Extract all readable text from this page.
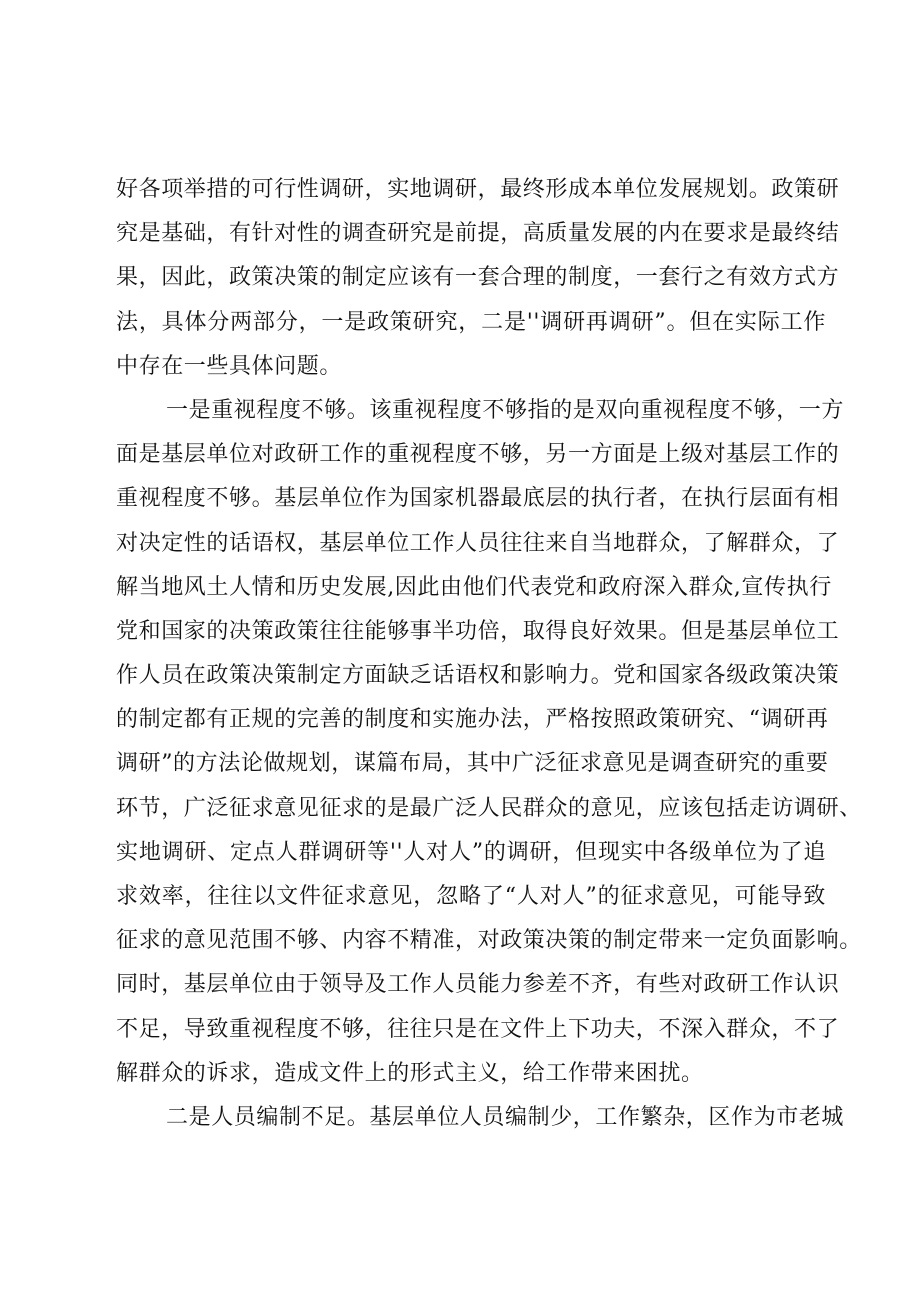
好各项举措的可行性调研，实地调研，最终形成本单位发展规划。政策研
究是基础，有针对性的调查研究是前提，高质量发展的内在要求是最终结
果，因此，政策决策的制定应该有一套合理的制度，一套行之有效方式方
法，具体分两部分，一是政策研究，二是''调研再调研”。但在实际工作
中存在一些具体问题。
一是重视程度不够。该重视程度不够指的是双向重视程度不够，一方
面是基层单位对政研工作的重视程度不够，另一方面是上级对基层工作的
重视程度不够。基层单位作为国家机器最底层的执行者，在执行层面有相
对决定性的话语权，基层单位工作人员往往来自当地群众，了解群众，了
解当地风土人情和历史发展,因此由他们代表党和政府深入群众,宣传执行
党和国家的决策政策往往能够事半功倍，取得良好效果。但是基层单位工
作人员在政策决策制定方面缺乏话语权和影响力。党和国家各级政策决策
的制定都有正规的完善的制度和实施办法，严格按照政策研究、“调研再
调研”的方法论做规划，谋篇布局，其中广泛征求意见是调查研究的重要
环节，广泛征求意见征求的是最广泛人民群众的意见，应该包括走访调研、
实地调研、定点人群调研等''人对人”的调研，但现实中各级单位为了追
求效率，往往以文件征求意见，忽略了“人对人”的征求意见，可能导致
征求的意见范围不够、内容不精准，对政策决策的制定带来一定负面影响。
同时，基层单位由于领导及工作人员能力参差不齐，有些对政研工作认识
不足，导致重视程度不够，往往只是在文件上下功夫，不深入群众，不了
解群众的诉求，造成文件上的形式主义，给工作带来困扰。
二是人员编制不足。基层单位人员编制少，工作繁杂，区作为市老城
